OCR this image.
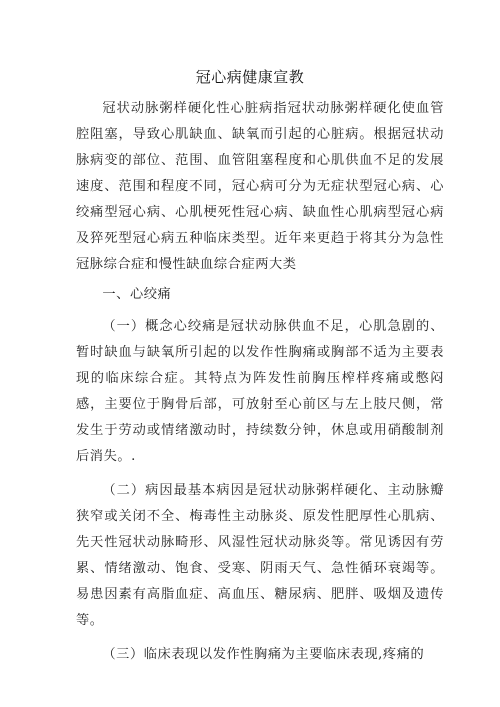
冠心病健康宣教

冠状动脉粥样硬化性心脏病指冠状动脉粥样硬化使血管腔阻塞，导致心肌缺血、缺氧而引起的心脏病。根据冠状动脉病变的部位、范围、血管阻塞程度和心肌供血不足的发展速度、范围和程度不同，冠心病可分为无症状型冠心病、心绞痛型冠心病、心肌梗死性冠心病、缺血性心肌病型冠心病及猝死型冠心病五种临床类型。近年来更趋于将其分为急性冠脉综合症和慢性缺血综合症两大类

一、心绞痛

（一）概念心绞痛是冠状动脉供血不足，心肌急剧的、暂时缺血与缺氧所引起的以发作性胸痛或胸部不适为主要表现的临床综合症。其特点为阵发性前胸压榨样疼痛或憋闷感，主要位于胸骨后部，可放射至心前区与左上肢尺侧，常发生于劳动或情绪激动时，持续数分钟，休息或用硝酸制剂后消失。.

（二）病因最基本病因是冠状动脉粥样硬化、主动脉瓣狭窄或关闭不全、梅毒性主动脉炎、原发性肥厚性心肌病、先天性冠状动脉畸形、风湿性冠状动脉炎等。常见诱因有劳累、情绪激动、饱食、受寒、阴雨天气、急性循环衰竭等。易患因素有高脂血症、高血压、糖尿病、肥胖、吸烟及遗传等。

（三）临床表现以发作性胸痛为主要临床表现,疼痛的
